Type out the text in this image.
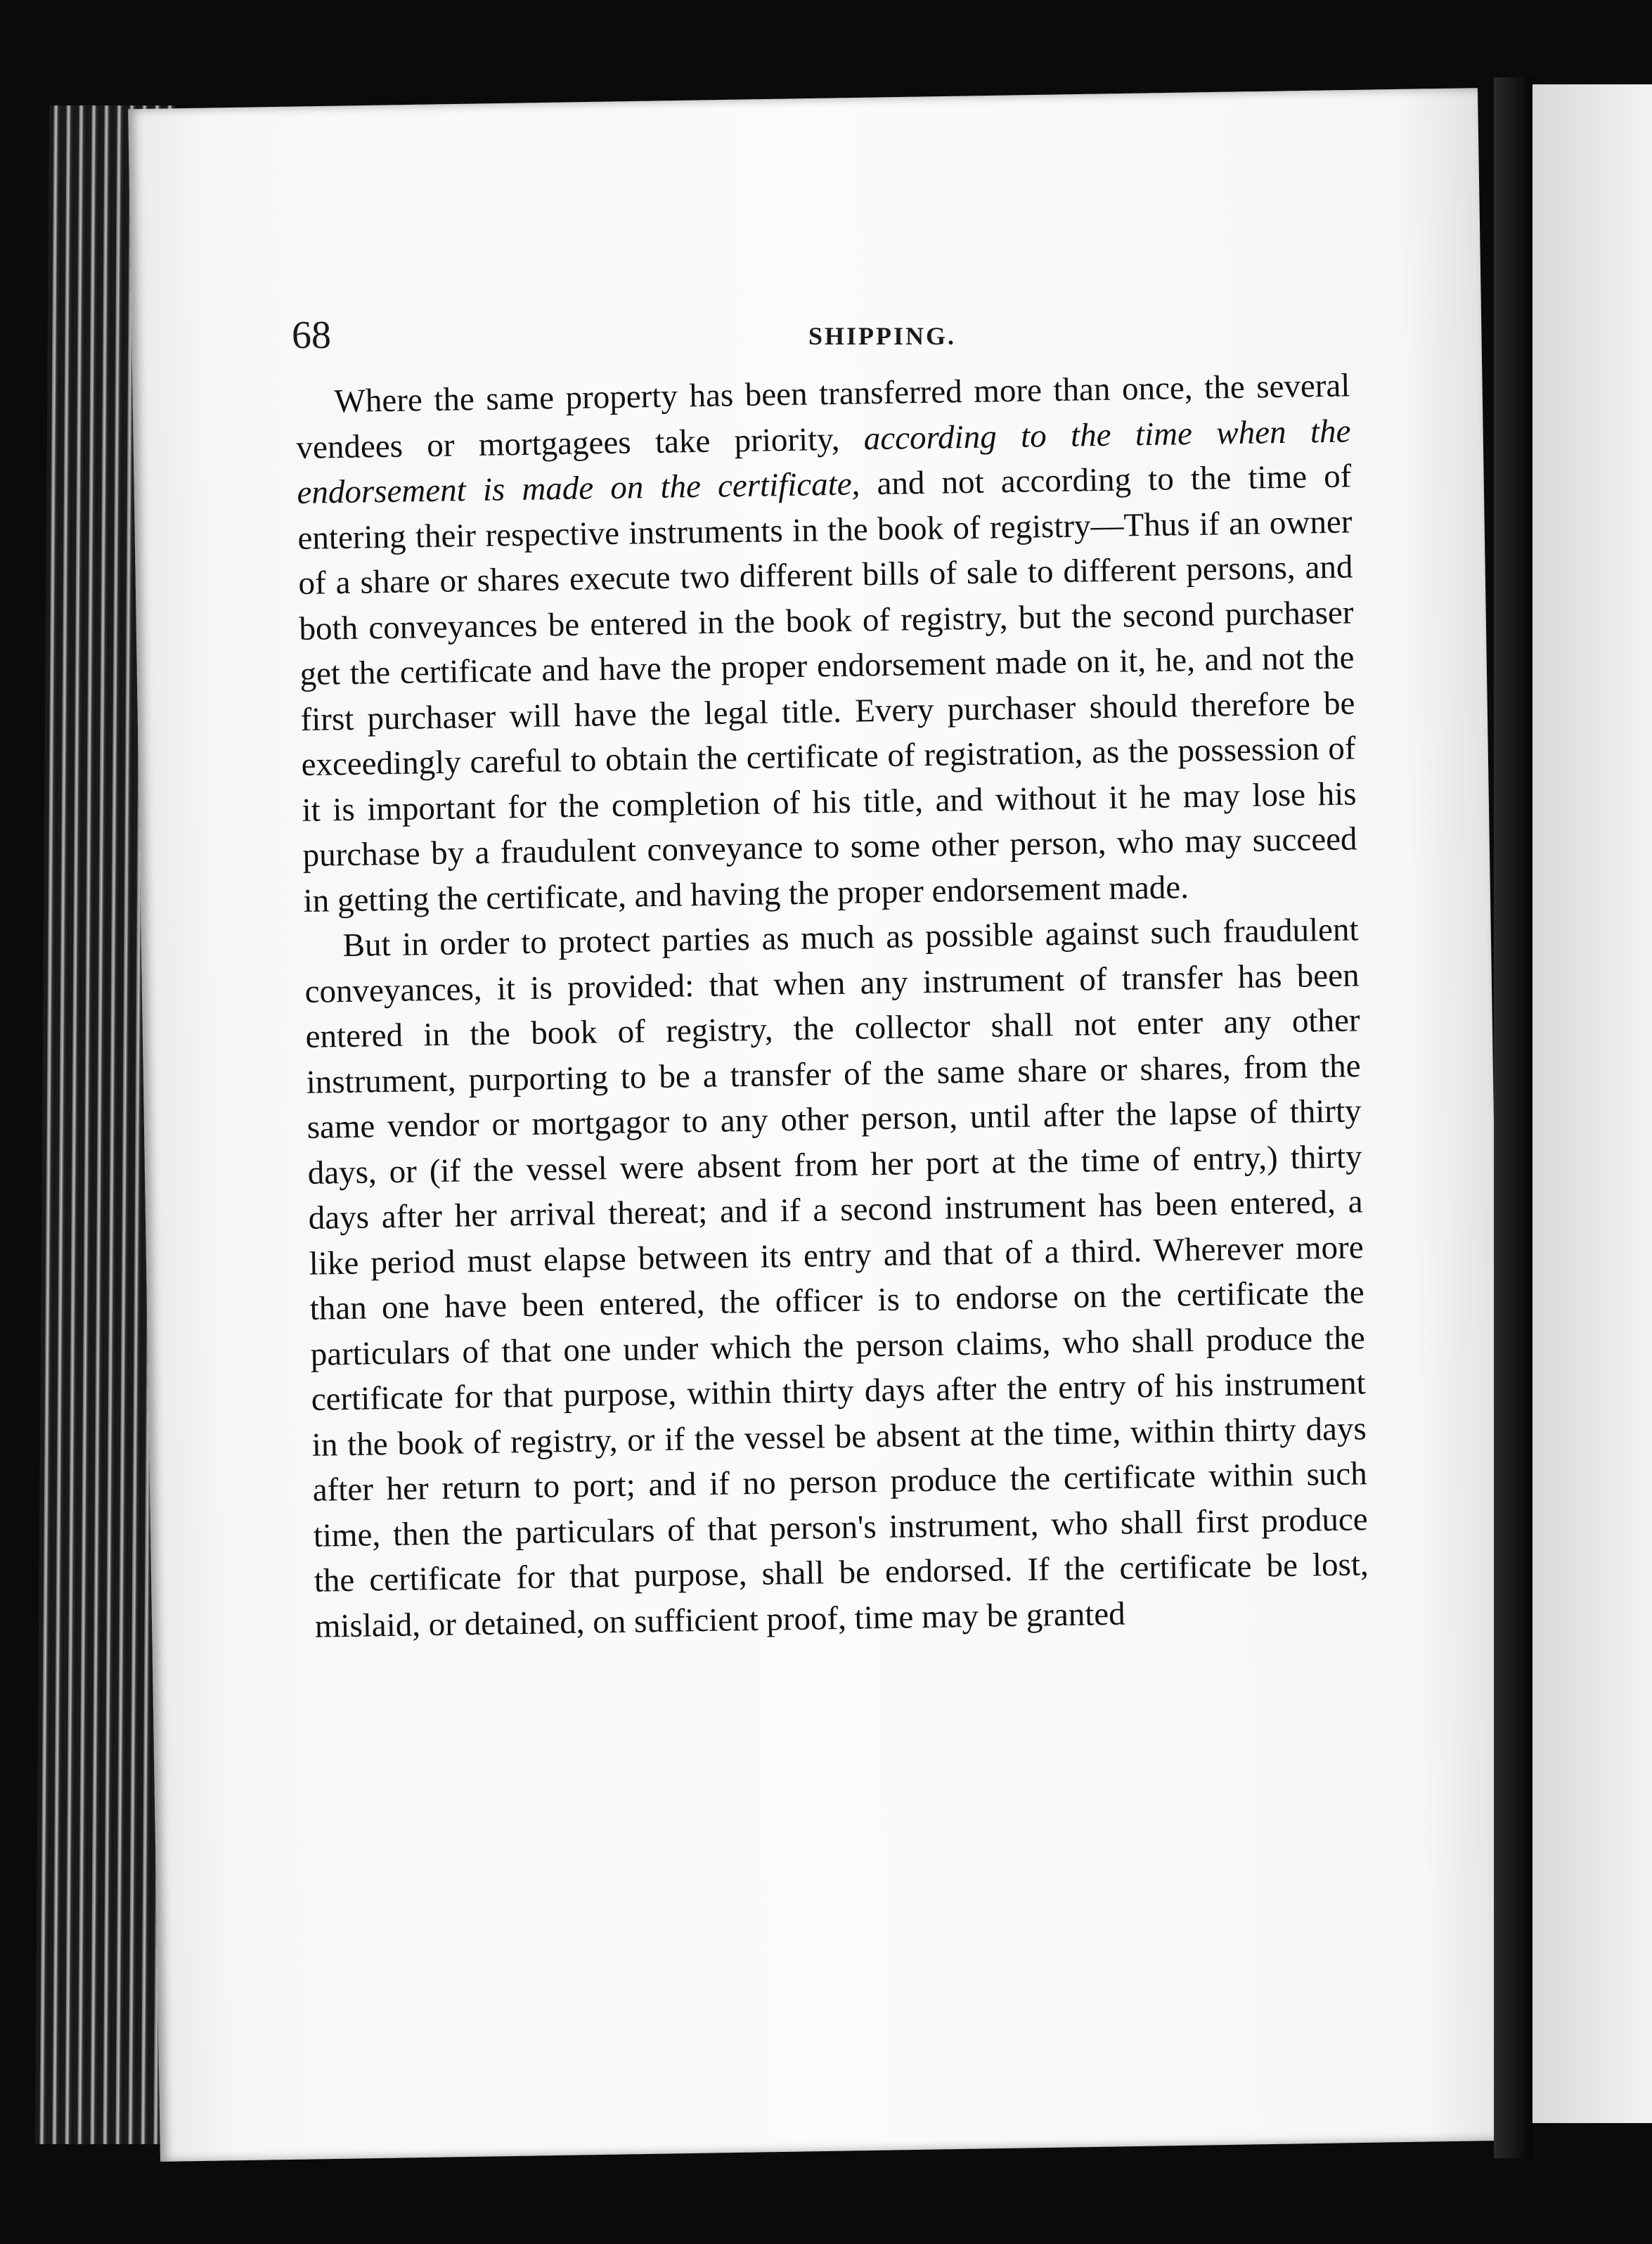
68	SHIPPING.

Where the same property has been transferred more than once, the several vendees or mortgagees take priority, according to the time when the endorsement is made on the certificate, and not according to the time of entering their respective instruments in the book of registry—Thus if an owner of a share or shares execute two different bills of sale to different persons, and both conveyances be entered in the book of registry, but the second purchaser get the certificate and have the proper endorsement made on it, he, and not the first purchaser will have the legal title. Every purchaser should therefore be exceedingly careful to obtain the certificate of registration, as the possession of it is important for the completion of his title, and without it he may lose his purchase by a fraudulent conveyance to some other person, who may succeed in getting the certificate, and having the proper endorsement made.

But in order to protect parties as much as possible against such fraudulent conveyances, it is provided: that when any instrument of transfer has been entered in the book of registry, the collector shall not enter any other instrument, purporting to be a transfer of the same share or shares, from the same vendor or mortgagor to any other person, until after the lapse of thirty days, or (if the vessel were absent from her port at the time of entry,) thirty days after her arrival thereat; and if a second instrument has been entered, a like period must elapse between its entry and that of a third. Wherever more than one have been entered, the officer is to endorse on the certificate the particulars of that one under which the person claims, who shall produce the certificate for that purpose, within thirty days after the entry of his instrument in the book of registry, or if the vessel be absent at the time, within thirty days after her return to port; and if no person produce the certificate within such time, then the particulars of that person's instrument, who shall first produce the certificate for that purpose, shall be endorsed. If the certificate be lost, mislaid, or detained, on sufficient proof, time may be granted
